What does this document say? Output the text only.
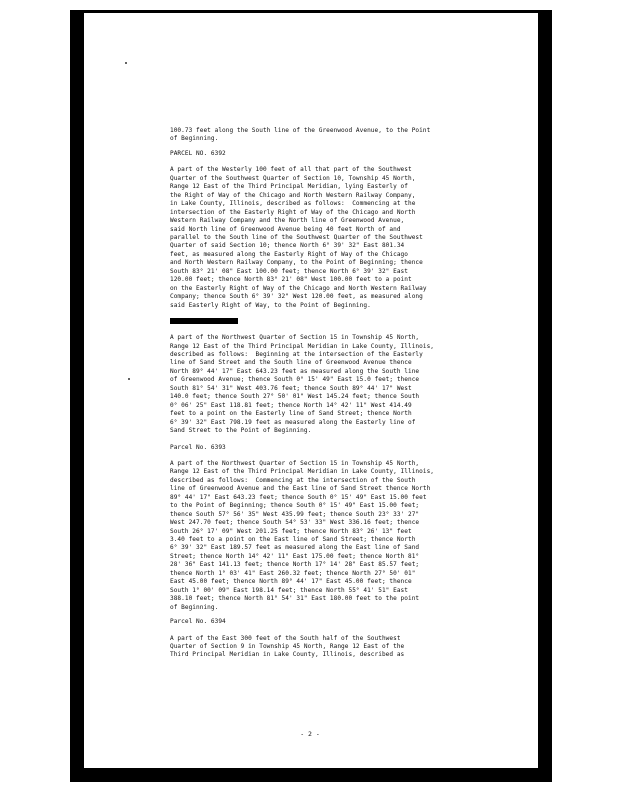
100.73 feet along the South line of the Greenwood Avenue, to the Point

of Beginning.

PARCEL NO. 6392

A part of the Westerly 100 feet of all that part of the Southwest

Quarter of the Southwest Quarter of Section 10, Township 45 North,

Range 12 East of the Third Principal Meridian, lying Easterly of

the Right of Way of the Chicago and North Western Railway Company,

in Lake County, Illinois, described as follows:  Commencing at the

intersection of the Easterly Right of Way of the Chicago and North

Western Railway Company and the North line of Greenwood Avenue,

said North line of Greenwood Avenue being 40 feet North of and

parallel to the South line of the Southwest Quarter of the Southwest

Quarter of said Section 10; thence North 6° 39' 32" East 801.34

feet, as measured along the Easterly Right of Way of the Chicago

and North Western Railway Company, to the Point of Beginning; thence

South 83° 21' 08" East 100.00 feet; thence North 6° 39' 32" East

120.00 feet; thence North 83° 21' 08" West 100.00 feet to a point

on the Easterly Right of Way of the Chicago and North Western Railway

Company; thence South 6° 39' 32" West 120.00 feet, as measured along

said Easterly Right of Way, to the Point of Beginning.

A part of the Northwest Quarter of Section 15 in Township 45 North,

Range 12 East of the Third Principal Meridian in Lake County, Illinois,

described as follows:  Beginning at the intersection of the Easterly

line of Sand Street and the South line of Greenwood Avenue thence

North 89° 44' 17" East 643.23 feet as measured along the South line

of Greenwood Avenue; thence South 0° 15' 49" East 15.0 feet; thence

South 81° 54' 31" West 403.76 feet; thence South 89° 44' 17" West

140.0 feet; thence South 27° 50' 01" West 145.24 feet; thence South

0° 06' 25" East 118.81 feet; thence North 14° 42' 11" West 414.49

feet to a point on the Easterly line of Sand Street; thence North

6° 39' 32" East 798.19 feet as measured along the Easterly line of

Sand Street to the Point of Beginning.

Parcel No. 6393

A part of the Northwest Quarter of Section 15 in Township 45 North,

Range 12 East of the Third Principal Meridian in Lake County, Illinois,

described as follows:  Commencing at the intersection of the South

line of Greenwood Avenue and the East line of Sand Street thence North

89° 44' 17" East 643.23 feet; thence South 0° 15' 49" East 15.00 feet

to the Point of Beginning; thence South 0° 15' 49" East 15.00 feet;

thence South 57° 56' 35" West 435.99 feet; thence South 23° 33' 27"

West 247.70 feet; thence South 54° 53' 33" West 336.16 feet; thence

South 26° 17' 09" West 201.25 feet; thence North 83° 26' 13" feet

3.40 feet to a point on the East line of Sand Street; thence North

6° 39' 32" East 189.57 feet as measured along the East line of Sand

Street; thence North 14° 42' 11" East 175.00 feet; thence North 81°

28' 36" East 141.13 feet; thence North 17° 14' 28" East 85.57 feet;

thence North 1° 03' 41" East 260.32 feet; thence North 27° 50' 01"

East 45.00 feet; thence North 89° 44' 17" East 45.00 feet; thence

South 1° 00' 09" East 198.14 feet; thence North 55° 41' 51" East

388.10 feet; thence North 81° 54' 31" East 180.00 feet to the point

of Beginning.

Parcel No. 6394

A part of the East 300 feet of the South half of the Southwest

Quarter of Section 9 in Township 45 North, Range 12 East of the

Third Principal Meridian in Lake County, Illinois, described as

- 2 -
